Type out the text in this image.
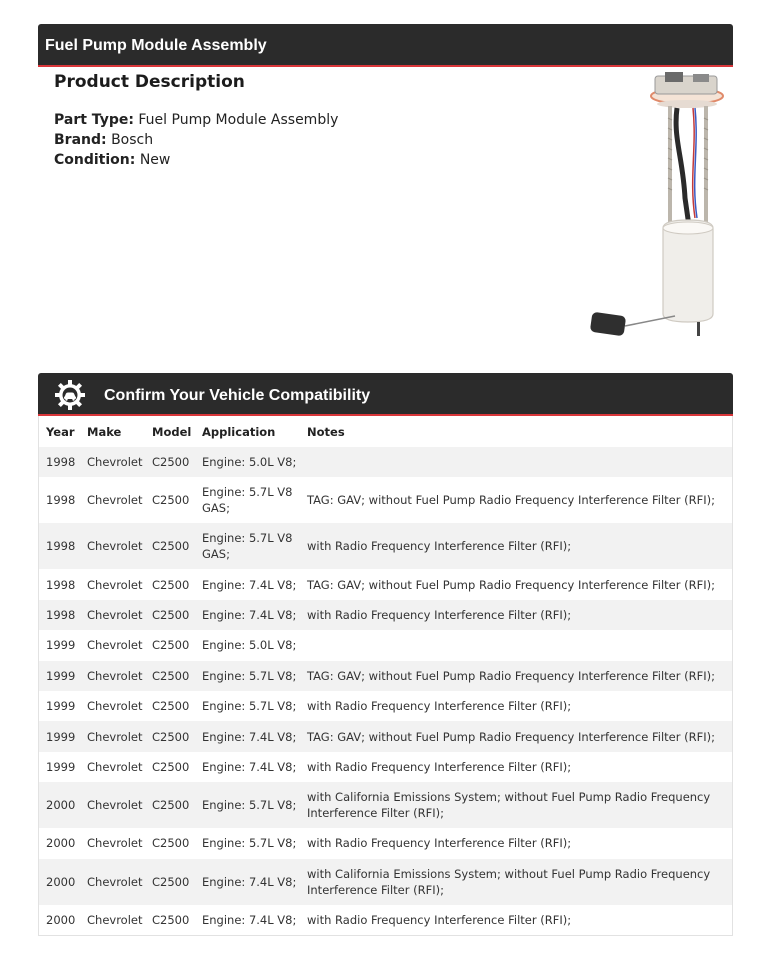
Fuel Pump Module Assembly
Product Description
Part Type: Fuel Pump Module Assembly
Brand: Bosch
Condition: New
Confirm Your Vehicle Compatibility
Year	Make	Model	Application	Notes
1998	Chevrolet	C2500	Engine: 5.0L V8;	
1998	Chevrolet	C2500	Engine: 5.7L V8 GAS;	TAG: GAV; without Fuel Pump Radio Frequency Interference Filter (RFI);
1998	Chevrolet	C2500	Engine: 5.7L V8 GAS;	with Radio Frequency Interference Filter (RFI);
1998	Chevrolet	C2500	Engine: 7.4L V8;	TAG: GAV; without Fuel Pump Radio Frequency Interference Filter (RFI);
1998	Chevrolet	C2500	Engine: 7.4L V8;	with Radio Frequency Interference Filter (RFI);
1999	Chevrolet	C2500	Engine: 5.0L V8;	
1999	Chevrolet	C2500	Engine: 5.7L V8;	TAG: GAV; without Fuel Pump Radio Frequency Interference Filter (RFI);
1999	Chevrolet	C2500	Engine: 5.7L V8;	with Radio Frequency Interference Filter (RFI);
1999	Chevrolet	C2500	Engine: 7.4L V8;	TAG: GAV; without Fuel Pump Radio Frequency Interference Filter (RFI);
1999	Chevrolet	C2500	Engine: 7.4L V8;	with Radio Frequency Interference Filter (RFI);
2000	Chevrolet	C2500	Engine: 5.7L V8;	with California Emissions System; without Fuel Pump Radio Frequency Interference Filter (RFI);
2000	Chevrolet	C2500	Engine: 5.7L V8;	with Radio Frequency Interference Filter (RFI);
2000	Chevrolet	C2500	Engine: 7.4L V8;	with California Emissions System; without Fuel Pump Radio Frequency Interference Filter (RFI);
2000	Chevrolet	C2500	Engine: 7.4L V8;	with Radio Frequency Interference Filter (RFI);
